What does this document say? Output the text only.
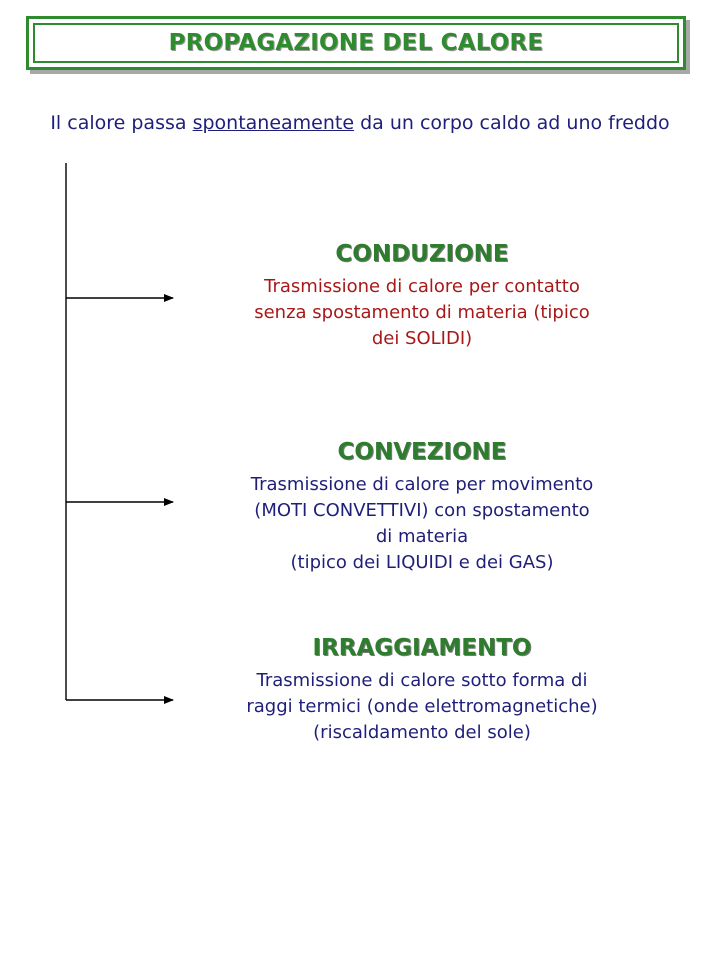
PROPAGAZIONE DEL CALORE
Il calore passa spontaneamente da un corpo caldo ad uno freddo
CONDUZIONE
Trasmissione di calore per contatto
senza spostamento di materia (tipico
dei SOLIDI)
CONVEZIONE
Trasmissione di calore per movimento
(MOTI CONVETTIVI) con spostamento
di materia
(tipico dei LIQUIDI e dei GAS)
IRRAGGIAMENTO
Trasmissione di calore sotto forma di
raggi termici (onde elettromagnetiche)
(riscaldamento del sole)
